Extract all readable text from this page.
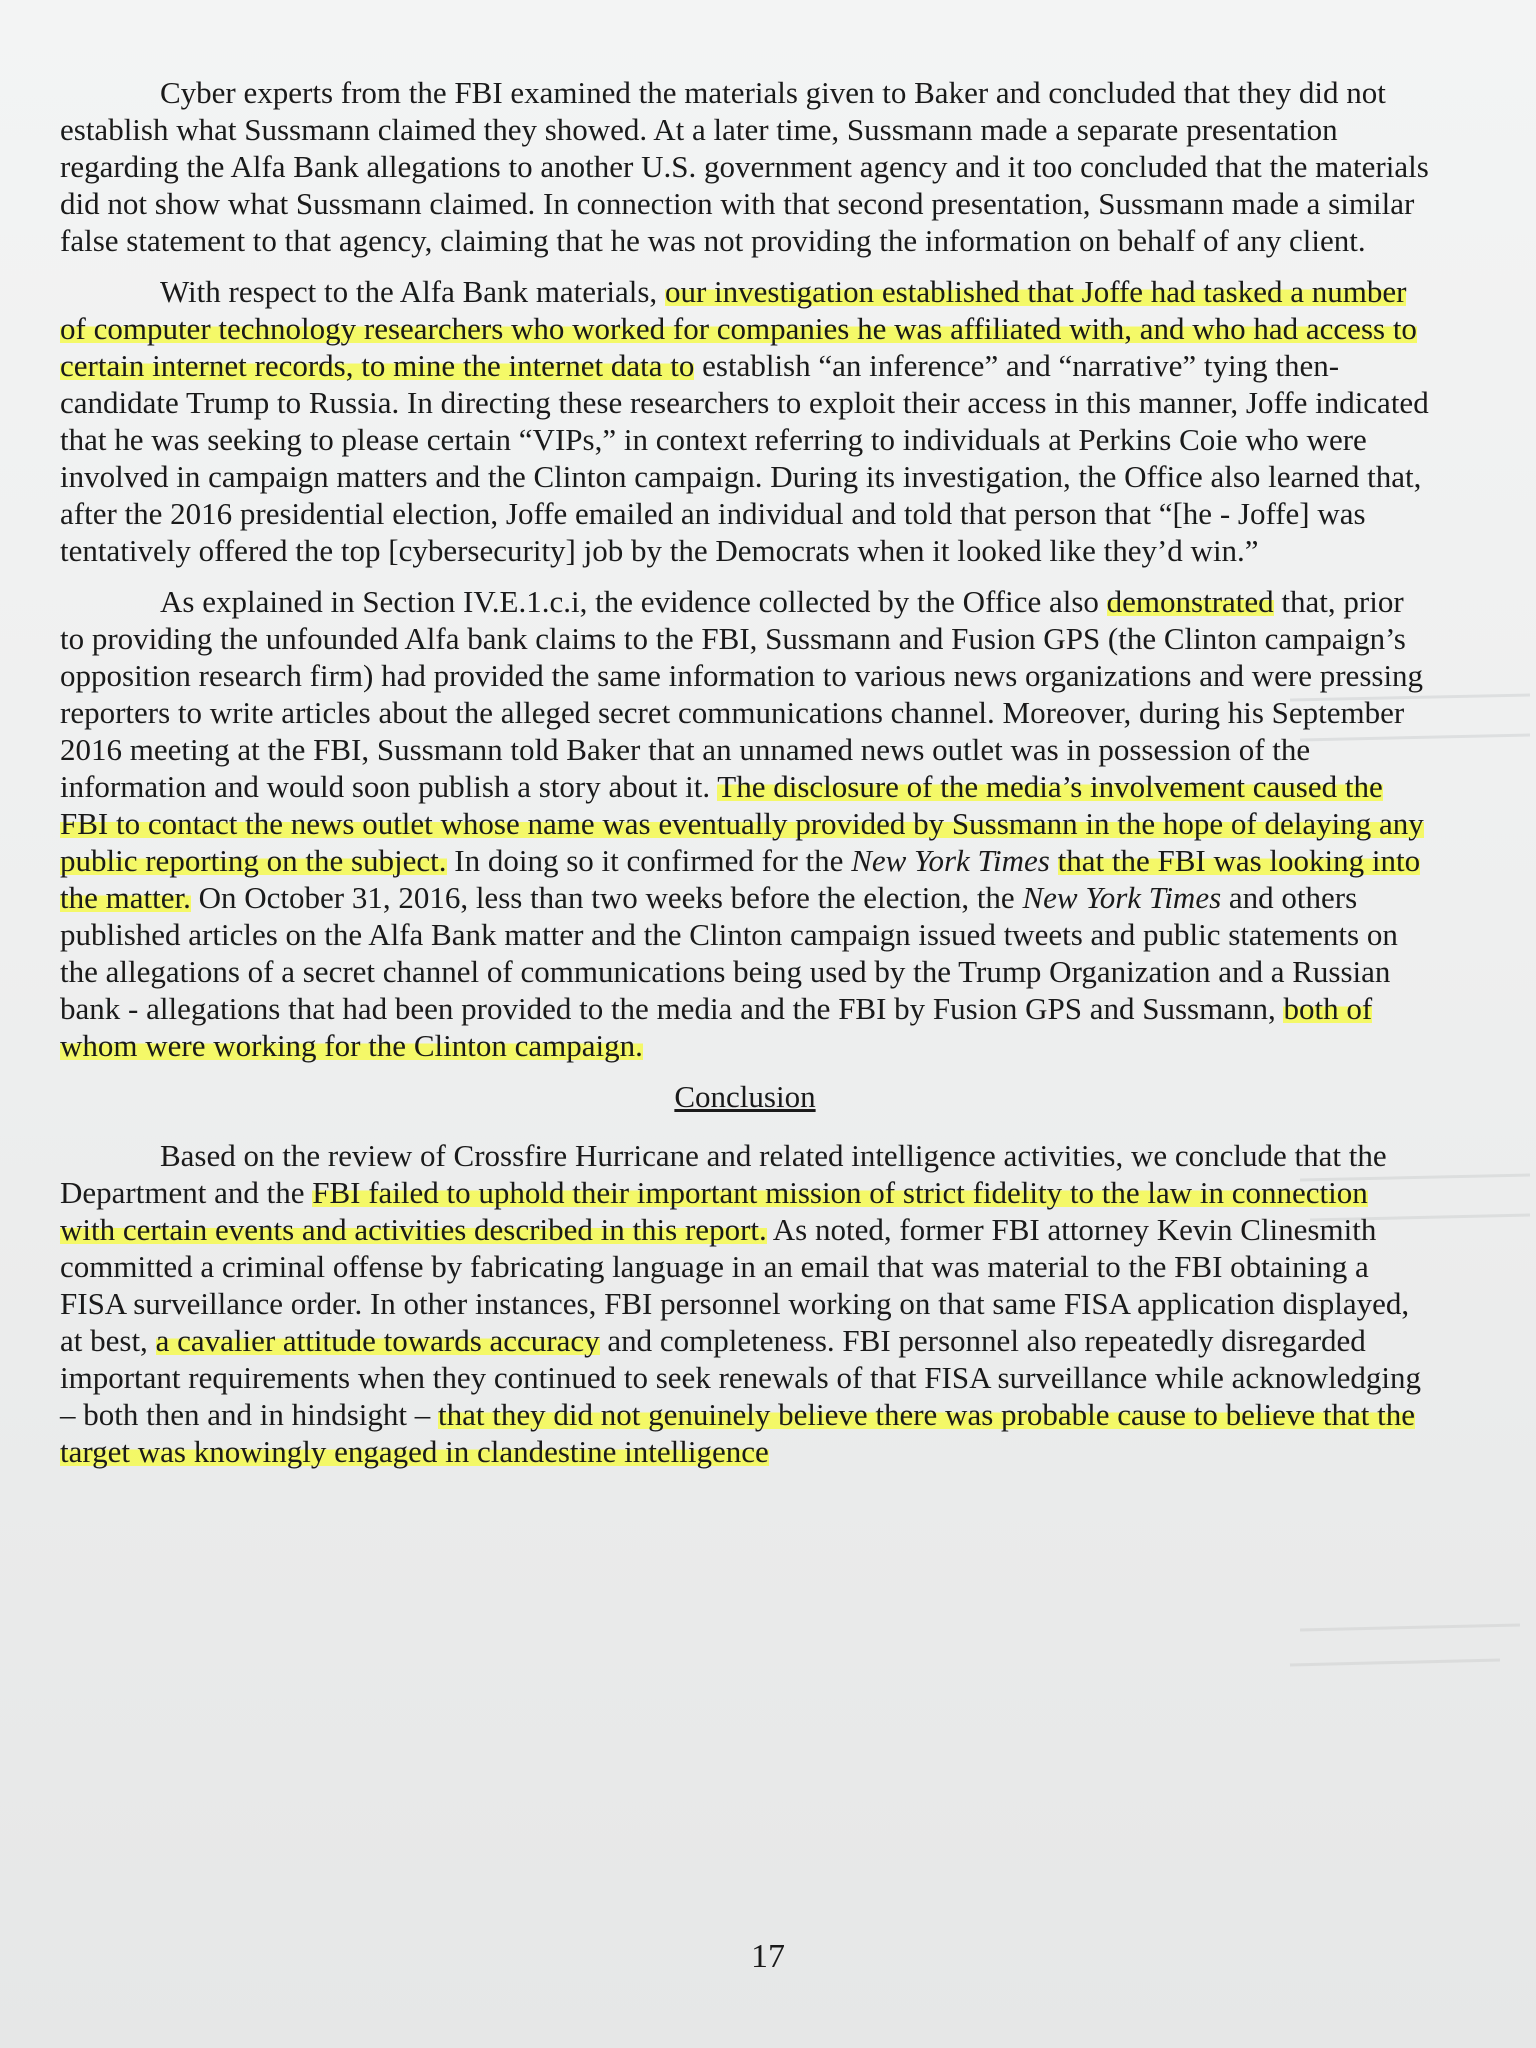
Cyber experts from the FBI examined the materials given to Baker and concluded that they did not establish what Sussmann claimed they showed. At a later time, Sussmann made a separate presentation regarding the Alfa Bank allegations to another U.S. government agency and it too concluded that the materials did not show what Sussmann claimed. In connection with that second presentation, Sussmann made a similar false statement to that agency, claiming that he was not providing the information on behalf of any client.

With respect to the Alfa Bank materials, our investigation established that Joffe had tasked a number of computer technology researchers who worked for companies he was affiliated with, and who had access to certain internet records, to mine the internet data to establish “an inference” and “narrative” tying then-candidate Trump to Russia. In directing these researchers to exploit their access in this manner, Joffe indicated that he was seeking to please certain “VIPs,” in context referring to individuals at Perkins Coie who were involved in campaign matters and the Clinton campaign. During its investigation, the Office also learned that, after the 2016 presidential election, Joffe emailed an individual and told that person that “[he - Joffe] was tentatively offered the top [cybersecurity] job by the Democrats when it looked like they’d win.”

As explained in Section IV.E.1.c.i, the evidence collected by the Office also demonstrated that, prior to providing the unfounded Alfa bank claims to the FBI, Sussmann and Fusion GPS (the Clinton campaign’s opposition research firm) had provided the same information to various news organizations and were pressing reporters to write articles about the alleged secret communications channel. Moreover, during his September 2016 meeting at the FBI, Sussmann told Baker that an unnamed news outlet was in possession of the information and would soon publish a story about it. The disclosure of the media’s involvement caused the FBI to contact the news outlet whose name was eventually provided by Sussmann in the hope of delaying any public reporting on the subject. In doing so it confirmed for the New York Times that the FBI was looking into the matter. On October 31, 2016, less than two weeks before the election, the New York Times and others published articles on the Alfa Bank matter and the Clinton campaign issued tweets and public statements on the allegations of a secret channel of communications being used by the Trump Organization and a Russian bank - allegations that had been provided to the media and the FBI by Fusion GPS and Sussmann, both of whom were working for the Clinton campaign.

Conclusion

Based on the review of Crossfire Hurricane and related intelligence activities, we conclude that the Department and the FBI failed to uphold their important mission of strict fidelity to the law in connection with certain events and activities described in this report. As noted, former FBI attorney Kevin Clinesmith committed a criminal offense by fabricating language in an email that was material to the FBI obtaining a FISA surveillance order. In other instances, FBI personnel working on that same FISA application displayed, at best, a cavalier attitude towards accuracy and completeness. FBI personnel also repeatedly disregarded important requirements when they continued to seek renewals of that FISA surveillance while acknowledging – both then and in hindsight – that they did not genuinely believe there was probable cause to believe that the target was knowingly engaged in clandestine intelligence

17
